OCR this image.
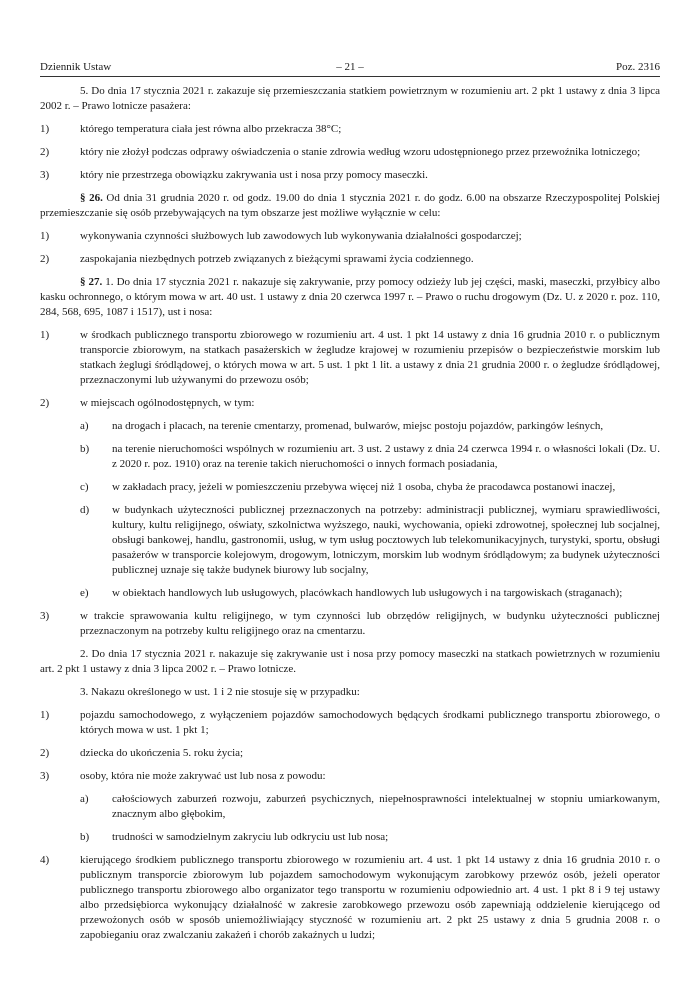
Dziennik Ustaw	– 21 –	Poz. 2316

5. Do dnia 17 stycznia 2021 r. zakazuje się przemieszczania statkiem powietrznym w rozumieniu art. 2 pkt 1 ustawy z dnia 3 lipca 2002 r. – Prawo lotnicze pasażera:

1)	którego temperatura ciała jest równa albo przekracza 38°C;
2)	który nie złożył podczas odprawy oświadczenia o stanie zdrowia według wzoru udostępnionego przez przewoźnika lotniczego;
3)	który nie przestrzega obowiązku zakrywania ust i nosa przy pomocy maseczki.

§ 26. Od dnia 31 grudnia 2020 r. od godz. 19.00 do dnia 1 stycznia 2021 r. do godz. 6.00 na obszarze Rzeczypospolitej Polskiej przemieszczanie się osób przebywających na tym obszarze jest możliwe wyłącznie w celu:

1)	wykonywania czynności służbowych lub zawodowych lub wykonywania działalności gospodarczej;
2)	zaspokajania niezbędnych potrzeb związanych z bieżącymi sprawami życia codziennego.

§ 27. 1. Do dnia 17 stycznia 2021 r. nakazuje się zakrywanie, przy pomocy odzieży lub jej części, maski, maseczki, przyłbicy albo kasku ochronnego, o którym mowa w art. 40 ust. 1 ustawy z dnia 20 czerwca 1997 r. – Prawo o ruchu drogowym (Dz. U. z 2020 r. poz. 110, 284, 568, 695, 1087 i 1517), ust i nosa:

1)	w środkach publicznego transportu zbiorowego w rozumieniu art. 4 ust. 1 pkt 14 ustawy z dnia 16 grudnia 2010 r. o publicznym transporcie zbiorowym, na statkach pasażerskich w żegludze krajowej w rozumieniu przepisów o bezpieczeństwie morskim lub statkach żeglugi śródlądowej, o których mowa w art. 5 ust. 1 pkt 1 lit. a ustawy z dnia 21 grudnia 2000 r. o żegludze śródlądowej, przeznaczonymi lub używanymi do przewozu osób;
2)	w miejscach ogólnodostępnych, w tym:
a) na drogach i placach, na terenie cmentarzy, promenad, bulwarów, miejsc postoju pojazdów, parkingów leśnych,
b) na terenie nieruchomości wspólnych w rozumieniu art. 3 ust. 2 ustawy z dnia 24 czerwca 1994 r. o własności lokali (Dz. U. z 2020 r. poz. 1910) oraz na terenie takich nieruchomości o innych formach posiadania,
c) w zakładach pracy, jeżeli w pomieszczeniu przebywa więcej niż 1 osoba, chyba że pracodawca postanowi inaczej,
d) w budynkach użyteczności publicznej przeznaczonych na potrzeby: administracji publicznej, wymiaru sprawiedliwości, kultury, kultu religijnego, oświaty, szkolnictwa wyższego, nauki, wychowania, opieki zdrowotnej, społecznej lub socjalnej, obsługi bankowej, handlu, gastronomii, usług, w tym usług pocztowych lub telekomunikacyjnych, turystyki, sportu, obsługi pasażerów w transporcie kolejowym, drogowym, lotniczym, morskim lub wodnym śródlądowym; za budynek użyteczności publicznej uznaje się także budynek biurowy lub socjalny,
e) w obiektach handlowych lub usługowych, placówkach handlowych lub usługowych i na targowiskach (straganach);
3)	w trakcie sprawowania kultu religijnego, w tym czynności lub obrzędów religijnych, w budynku użyteczności publicznej przeznaczonym na potrzeby kultu religijnego oraz na cmentarzu.

2. Do dnia 17 stycznia 2021 r. nakazuje się zakrywanie ust i nosa przy pomocy maseczki na statkach powietrznych w rozumieniu art. 2 pkt 1 ustawy z dnia 3 lipca 2002 r. – Prawo lotnicze.

3. Nakazu określonego w ust. 1 i 2 nie stosuje się w przypadku:

1)	pojazdu samochodowego, z wyłączeniem pojazdów samochodowych będących środkami publicznego transportu zbiorowego, o których mowa w ust. 1 pkt 1;
2)	dziecka do ukończenia 5. roku życia;
3)	osoby, która nie może zakrywać ust lub nosa z powodu:
a) całościowych zaburzeń rozwoju, zaburzeń psychicznych, niepełnosprawności intelektualnej w stopniu umiarkowanym, znacznym albo głębokim,
b) trudności w samodzielnym zakryciu lub odkryciu ust lub nosa;
4)	kierującego środkiem publicznego transportu zbiorowego w rozumieniu art. 4 ust. 1 pkt 14 ustawy z dnia 16 grudnia 2010 r. o publicznym transporcie zbiorowym lub pojazdem samochodowym wykonującym zarobkowy przewóz osób, jeżeli operator publicznego transportu zbiorowego albo organizator tego transportu w rozumieniu odpowiednio art. 4 ust. 1 pkt 8 i 9 tej ustawy albo przedsiębiorca wykonujący działalność w zakresie zarobkowego przewozu osób zapewniają oddzielenie kierującego od przewożonych osób w sposób uniemożliwiający styczność w rozumieniu art. 2 pkt 25 ustawy z dnia 5 grudnia 2008 r. o zapobieganiu oraz zwalczaniu zakażeń i chorób zakaźnych u ludzi;
